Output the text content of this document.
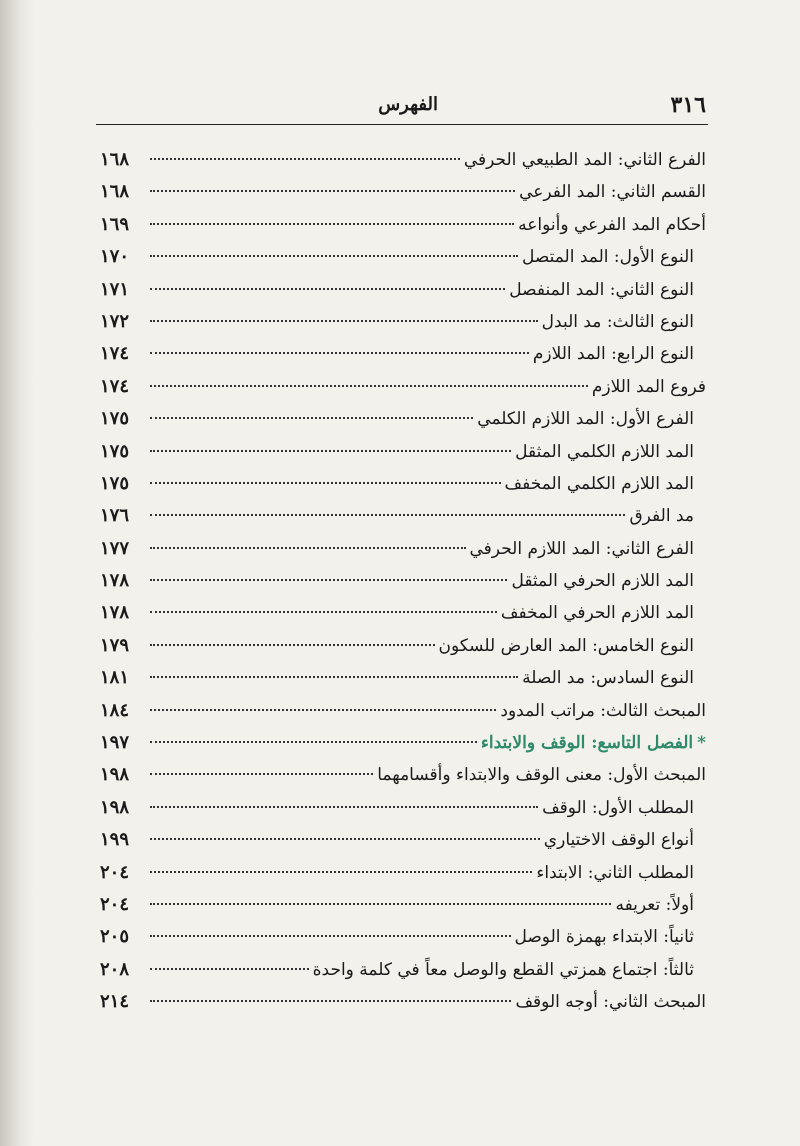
٣١٦
الفهرس
الفرع الثاني: المد الطبيعي الحرفي
١٦٨
القسم الثاني: المد الفرعي
١٦٨
أحكام المد الفرعي وأنواعه
١٦٩
النوع الأول: المد المتصل
١٧٠
النوع الثاني: المد المنفصل
١٧١
النوع الثالث: مد البدل
١٧٢
النوع الرابع: المد اللازم
١٧٤
فروع المد اللازم
١٧٤
الفرع الأول: المد اللازم الكلمي
١٧٥
المد اللازم الكلمي المثقل
١٧٥
المد اللازم الكلمي المخفف
١٧٥
مد الفرق
١٧٦
الفرع الثاني: المد اللازم الحرفي
١٧٧
المد اللازم الحرفي المثقل
١٧٨
المد اللازم الحرفي المخفف
١٧٨
النوع الخامس: المد العارض للسكون
١٧٩
النوع السادس: مد الصلة
١٨١
المبحث الثالث: مراتب المدود
١٨٤
*الفصل التاسع: الوقف والابتداء
١٩٧
المبحث الأول: معنى الوقف والابتداء وأقسامهما
١٩٨
المطلب الأول: الوقف
١٩٨
أنواع الوقف الاختياري
١٩٩
المطلب الثاني: الابتداء
٢٠٤
أولاً: تعريفه
٢٠٤
ثانياً: الابتداء بهمزة الوصل
٢٠٥
ثالثاً: اجتماع همزتي القطع والوصل معاً في كلمة واحدة
٢٠٨
المبحث الثاني: أوجه الوقف
٢١٤
